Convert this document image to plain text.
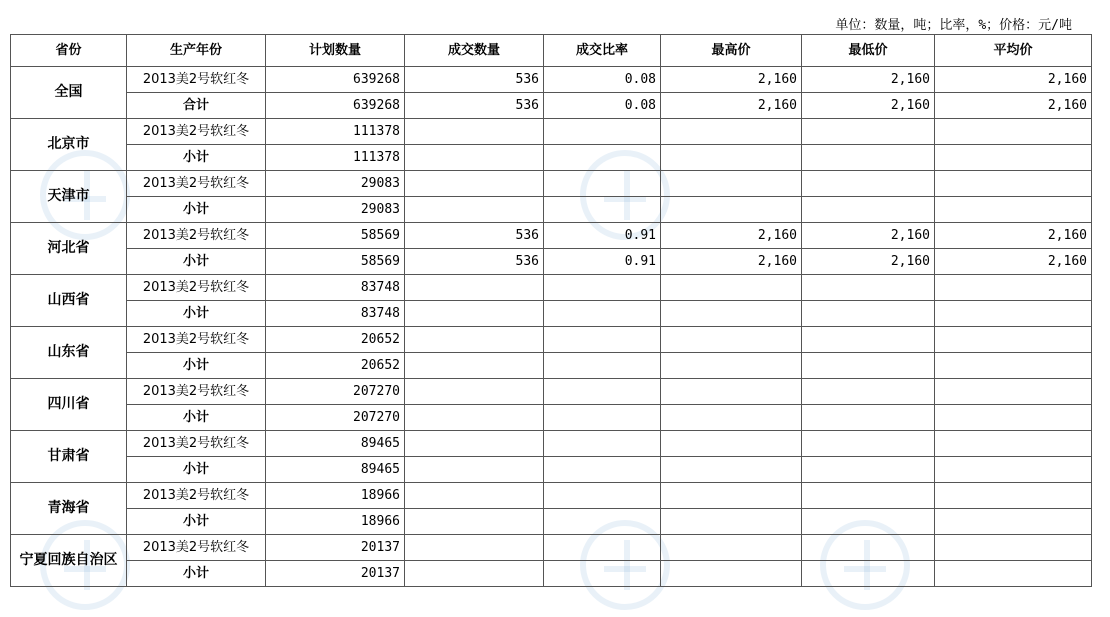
单位：数量，吨；比率，%；价格：元/吨
省份	生产年份	计划数量	成交数量	成交比率	最高价	最低价	平均价
全国	2013美2号软红冬	639268	536	0.08	2,160	2,160	2,160
	合计	639268	536	0.08	2,160	2,160	2,160
北京市	2013美2号软红冬	111378					
	小计	111378					
天津市	2013美2号软红冬	29083					
	小计	29083					
河北省	2013美2号软红冬	58569	536	0.91	2,160	2,160	2,160
	小计	58569	536	0.91	2,160	2,160	2,160
山西省	2013美2号软红冬	83748					
	小计	83748					
山东省	2013美2号软红冬	20652					
	小计	20652					
四川省	2013美2号软红冬	207270					
	小计	207270					
甘肃省	2013美2号软红冬	89465					
	小计	89465					
青海省	2013美2号软红冬	18966					
	小计	18966					
宁夏回族自治区	2013美2号软红冬	20137					
	小计	20137					
